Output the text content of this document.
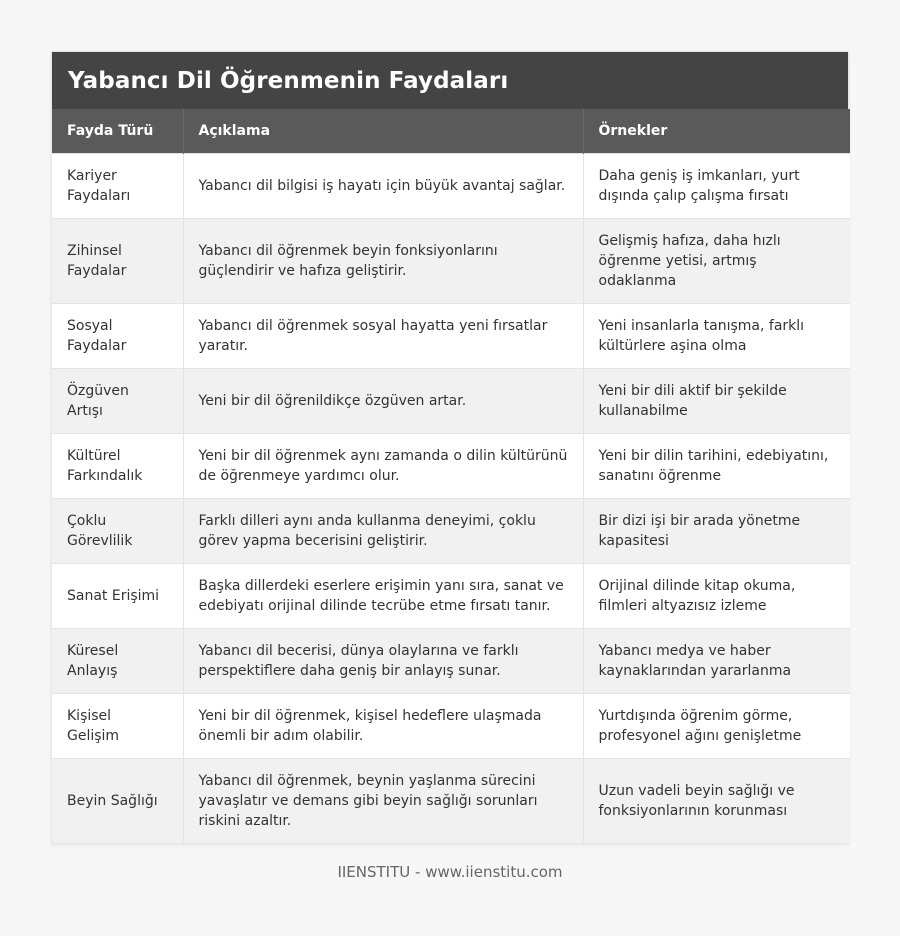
Yabancı Dil Öğrenmenin Faydaları
Fayda Türü	Açıklama	Örnekler
Kariyer Faydaları	Yabancı dil bilgisi iş hayatı için büyük avantaj sağlar.	Daha geniş iş imkanları, yurt dışında çalıp çalışma fırsatı
Zihinsel Faydalar	Yabancı dil öğrenmek beyin fonksiyonlarını güçlendirir ve hafıza geliştirir.	Gelişmiş hafıza, daha hızlı öğrenme yetisi, artmış odaklanma
Sosyal Faydalar	Yabancı dil öğrenmek sosyal hayatta yeni fırsatlar yaratır.	Yeni insanlarla tanışma, farklı kültürlere aşina olma
Özgüven Artışı	Yeni bir dil öğrenildikçe özgüven artar.	Yeni bir dili aktif bir şekilde kullanabilme
Kültürel Farkındalık	Yeni bir dil öğrenmek aynı zamanda o dilin kültürünü de öğrenmeye yardımcı olur.	Yeni bir dilin tarihini, edebiyatını, sanatını öğrenme
Çoklu Görevlilik	Farklı dilleri aynı anda kullanma deneyimi, çoklu görev yapma becerisini geliştirir.	Bir dizi işi bir arada yönetme kapasitesi
Sanat Erişimi	Başka dillerdeki eserlere erişimin yanı sıra, sanat ve edebiyatı orijinal dilinde tecrübe etme fırsatı tanır.	Orijinal dilinde kitap okuma, filmleri altyazısız izleme
Küresel Anlayış	Yabancı dil becerisi, dünya olaylarına ve farklı perspektiflere daha geniş bir anlayış sunar.	Yabancı medya ve haber kaynaklarından yararlanma
Kişisel Gelişim	Yeni bir dil öğrenmek, kişisel hedeflere ulaşmada önemli bir adım olabilir.	Yurtdışında öğrenim görme, profesyonel ağını genişletme
Beyin Sağlığı	Yabancı dil öğrenmek, beynin yaşlanma sürecini yavaşlatır ve demans gibi beyin sağlığı sorunları riskini azaltır.	Uzun vadeli beyin sağlığı ve fonksiyonlarının korunması
IIENSTITU - www.iienstitu.com
